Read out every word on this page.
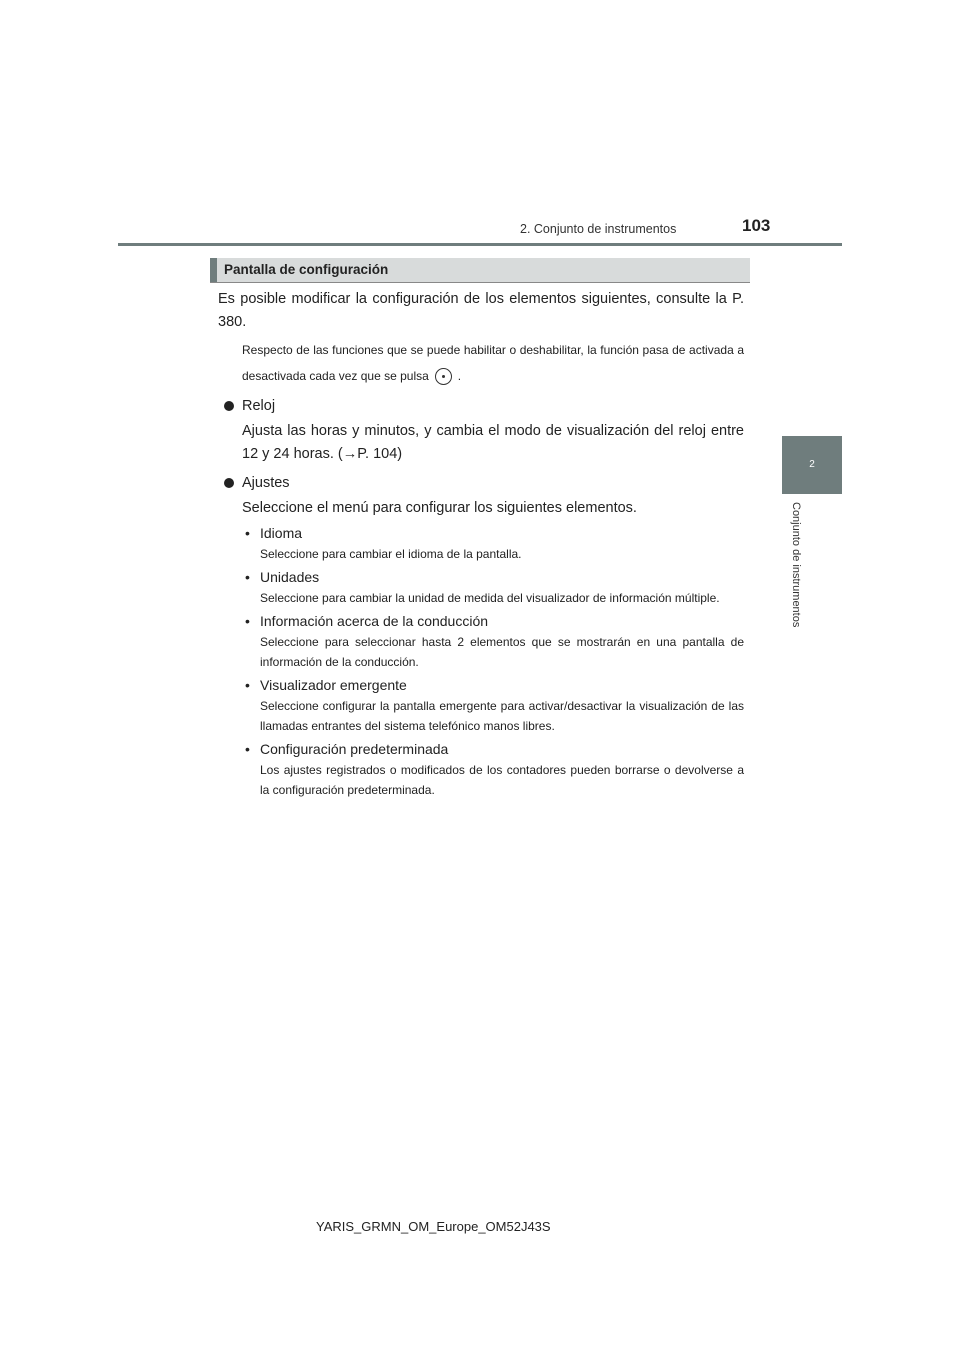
2. Conjunto de instrumentos	103
2
Conjunto de instrumentos
Pantalla de configuración

Es posible modificar la configuración de los elementos siguientes, consulte la P. 380.

Respecto de las funciones que se puede habilitar o deshabilitar, la función pasa de activada a desactivada cada vez que se pulsa .

Reloj

Ajusta las horas y minutos, y cambia el modo de visualización del reloj entre 12 y 24 horas. (→P. 104)

Ajustes

Seleccione el menú para configurar los siguientes elementos.

• Idioma

Seleccione para cambiar el idioma de la pantalla.

• Unidades

Seleccione para cambiar la unidad de medida del visualizador de información múltiple.

• Información acerca de la conducción

Seleccione para seleccionar hasta 2 elementos que se mostrarán en una pantalla de información de la conducción.

• Visualizador emergente

Seleccione configurar la pantalla emergente para activar/desactivar la visualización de las llamadas entrantes del sistema telefónico manos libres.

• Configuración predeterminada

Los ajustes registrados o modificados de los contadores pueden borrarse o devolverse a la configuración predeterminada.

YARIS_GRMN_OM_Europe_OM52J43S
